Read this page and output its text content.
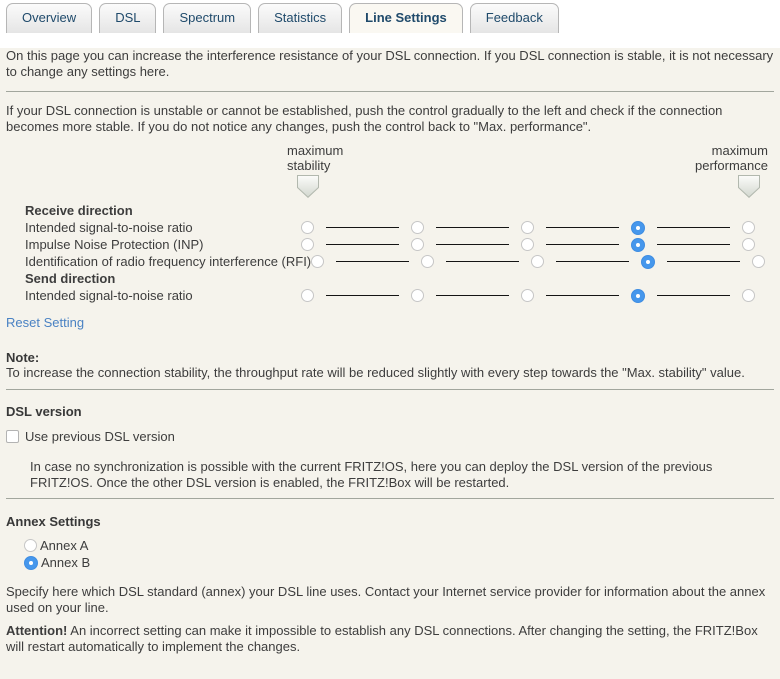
Overview	DSL	Spectrum	Statistics	Line Settings	Feedback

On this page you can increase the interference resistance of your DSL connection. If you DSL connection is stable, it is not necessary to change any settings here.

If your DSL connection is unstable or cannot be established, push the control gradually to the left and check if the connection becomes more stable. If you do not notice any changes, push the control back to "Max. performance".

maximum
stability
maximum
performance
Receive direction
Intended signal-to-noise ratio
Impulse Noise Protection (INP)
Identification of radio frequency interference (RFI)
Send direction
Intended signal-to-noise ratio
Reset Setting
Note:
To increase the connection stability, the throughput rate will be reduced slightly with every step towards the "Max. stability" value.
DSL version
Use previous DSL version

In case no synchronization is possible with the current FRITZ!OS, here you can deploy the DSL version of the previous FRITZ!OS. Once the other DSL version is enabled, the FRITZ!Box will be restarted.

Annex Settings
Annex A
Annex B

Specify here which DSL standard (annex) your DSL line uses. Contact your Internet service provider for information about the annex used on your line.

Attention! An incorrect setting can make it impossible to establish any DSL connections. After changing the setting, the FRITZ!Box will restart automatically to implement the changes.
